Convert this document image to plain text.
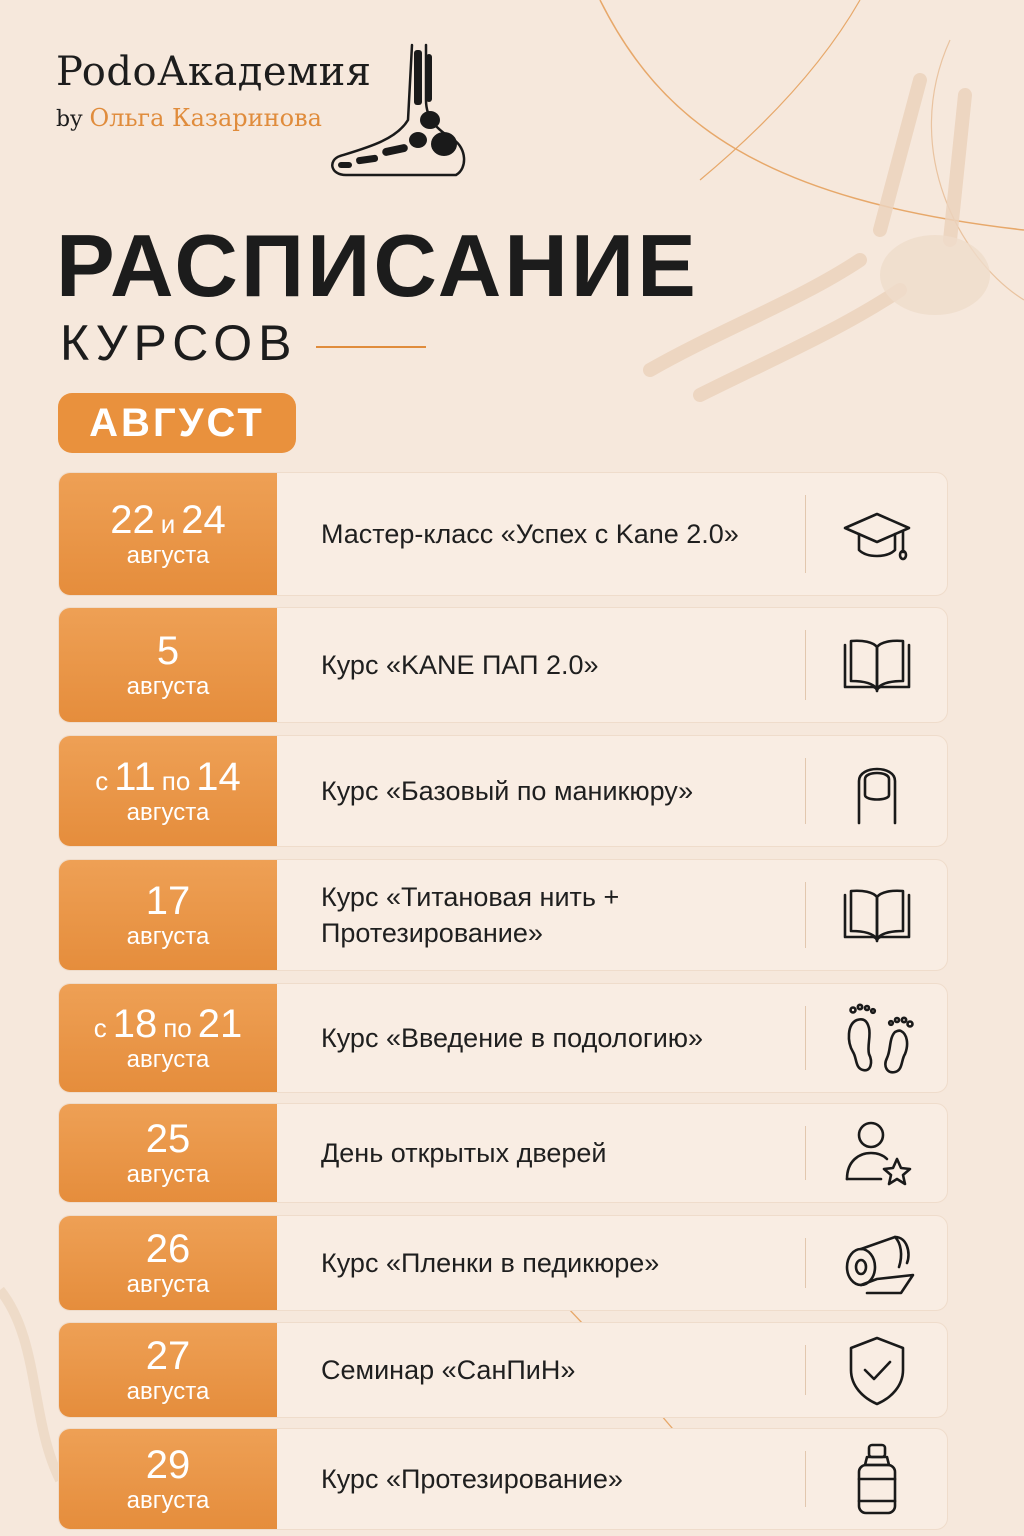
PodoАкадемия
by Ольга Казаринова
РАСПИСАНИЕ
КУРСОВ
АВГУСТ
22 и 24
августа
Мастер-класс «Успех с Kane 2.0»
5
августа
Курс «KANE ПАП 2.0»
с 11 по 14
августа
Курс «Базовый по маникюру»
17
августа
Курс «Титановая нить + Протезирование»
с 18 по 21
августа
Курс «Введение в подологию»
25
августа
День открытых дверей
26
августа
Курс «Пленки в педикюре»
27
августа
Семинар «СанПиН»
29
августа
Курс «Протезирование»
